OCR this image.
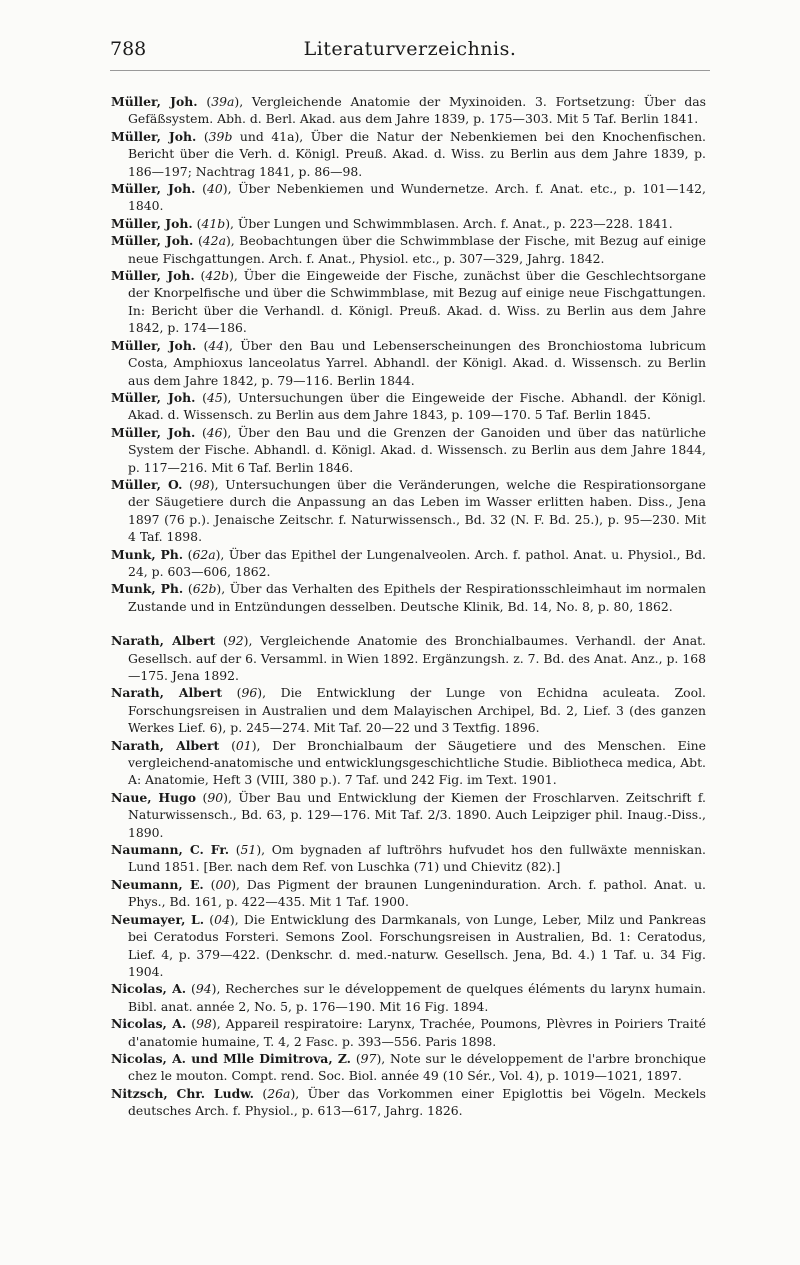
788	Literaturverzeichnis.

Müller, Joh. (39a), Vergleichende Anatomie der Myxinoiden. 3. Fortsetzung: Über das Gefäßsystem. Abh. d. Berl. Akad. aus dem Jahre 1839, p. 175—303. Mit 5 Taf. Berlin 1841.

Müller, Joh. (39b und 41a), Über die Natur der Nebenkiemen bei den Knochenfischen. Bericht über die Verh. d. Königl. Preuß. Akad. d. Wiss. zu Berlin aus dem Jahre 1839, p. 186—197; Nachtrag 1841, p. 86—98.

Müller, Joh. (40), Über Nebenkiemen und Wundernetze. Arch. f. Anat. etc., p. 101—142, 1840.

Müller, Joh. (41b), Über Lungen und Schwimmblasen. Arch. f. Anat., p. 223—228. 1841.

Müller, Joh. (42a), Beobachtungen über die Schwimmblase der Fische, mit Bezug auf einige neue Fischgattungen. Arch. f. Anat., Physiol. etc., p. 307—329, Jahrg. 1842.

Müller, Joh. (42b), Über die Eingeweide der Fische, zunächst über die Geschlechtsorgane der Knorpelfische und über die Schwimmblase, mit Bezug auf einige neue Fischgattungen. In: Bericht über die Verhandl. d. Königl. Preuß. Akad. d. Wiss. zu Berlin aus dem Jahre 1842, p. 174—186.

Müller, Joh. (44), Über den Bau und Lebenserscheinungen des Bronchiostoma lubricum Costa, Amphioxus lanceolatus Yarrel. Abhandl. der Königl. Akad. d. Wissensch. zu Berlin aus dem Jahre 1842, p. 79—116. Berlin 1844.

Müller, Joh. (45), Untersuchungen über die Eingeweide der Fische. Abhandl. der Königl. Akad. d. Wissensch. zu Berlin aus dem Jahre 1843, p. 109—170. 5 Taf. Berlin 1845.

Müller, Joh. (46), Über den Bau und die Grenzen der Ganoiden und über das natürliche System der Fische. Abhandl. d. Königl. Akad. d. Wissensch. zu Berlin aus dem Jahre 1844, p. 117—216. Mit 6 Taf. Berlin 1846.

Müller, O. (98), Untersuchungen über die Veränderungen, welche die Respirationsorgane der Säugetiere durch die Anpassung an das Leben im Wasser erlitten haben. Diss., Jena 1897 (76 p.). Jenaische Zeitschr. f. Naturwissensch., Bd. 32 (N. F. Bd. 25.), p. 95—230. Mit 4 Taf. 1898.

Munk, Ph. (62a), Über das Epithel der Lungenalveolen. Arch. f. pathol. Anat. u. Physiol., Bd. 24, p. 603—606, 1862.

Munk, Ph. (62b), Über das Verhalten des Epithels der Respirationsschleimhaut im normalen Zustande und in Entzündungen desselben. Deutsche Klinik, Bd. 14, No. 8, p. 80, 1862.

Narath, Albert (92), Vergleichende Anatomie des Bronchialbaumes. Verhandl. der Anat. Gesellsch. auf der 6. Versamml. in Wien 1892. Ergänzungsh. z. 7. Bd. des Anat. Anz., p. 168—175. Jena 1892.

Narath, Albert (96), Die Entwicklung der Lunge von Echidna aculeata. Zool. Forschungsreisen in Australien und dem Malayischen Archipel, Bd. 2, Lief. 3 (des ganzen Werkes Lief. 6), p. 245—274. Mit Taf. 20—22 und 3 Textfig. 1896.

Narath, Albert (01), Der Bronchialbaum der Säugetiere und des Menschen. Eine vergleichend-anatomische und entwicklungsgeschichtliche Studie. Bibliotheca medica, Abt. A: Anatomie, Heft 3 (VIII, 380 p.). 7 Taf. und 242 Fig. im Text. 1901.

Naue, Hugo (90), Über Bau und Entwicklung der Kiemen der Froschlarven. Zeitschrift f. Naturwissensch., Bd. 63, p. 129—176. Mit Taf. 2/3. 1890. Auch Leipziger phil. Inaug.-Diss., 1890.

Naumann, C. Fr. (51), Om bygnaden af luftröhrs hufvudet hos den fullwäxte menniskan. Lund 1851. [Ber. nach dem Ref. von Luschka (71) und Chievitz (82).]

Neumann, E. (00), Das Pigment der braunen Lungeninduration. Arch. f. pathol. Anat. u. Phys., Bd. 161, p. 422—435. Mit 1 Taf. 1900.

Neumayer, L. (04), Die Entwicklung des Darmkanals, von Lunge, Leber, Milz und Pankreas bei Ceratodus Forsteri. Semons Zool. Forschungsreisen in Australien, Bd. 1: Ceratodus, Lief. 4, p. 379—422. (Denkschr. d. med.-naturw. Gesellsch. Jena, Bd. 4.) 1 Taf. u. 34 Fig. 1904.

Nicolas, A. (94), Recherches sur le développement de quelques éléments du larynx humain. Bibl. anat. année 2, No. 5, p. 176—190. Mit 16 Fig. 1894.

Nicolas, A. (98), Appareil respiratoire: Larynx, Trachée, Poumons, Plèvres in Poiriers Traité d'anatomie humaine, T. 4, 2 Fasc. p. 393—556. Paris 1898.

Nicolas, A. und Mlle Dimitrova, Z. (97), Note sur le développement de l'arbre bronchique chez le mouton. Compt. rend. Soc. Biol. année 49 (10 Sér., Vol. 4), p. 1019—1021, 1897.

Nitzsch, Chr. Ludw. (26a), Über das Vorkommen einer Epiglottis bei Vögeln. Meckels deutsches Arch. f. Physiol., p. 613—617, Jahrg. 1826.
